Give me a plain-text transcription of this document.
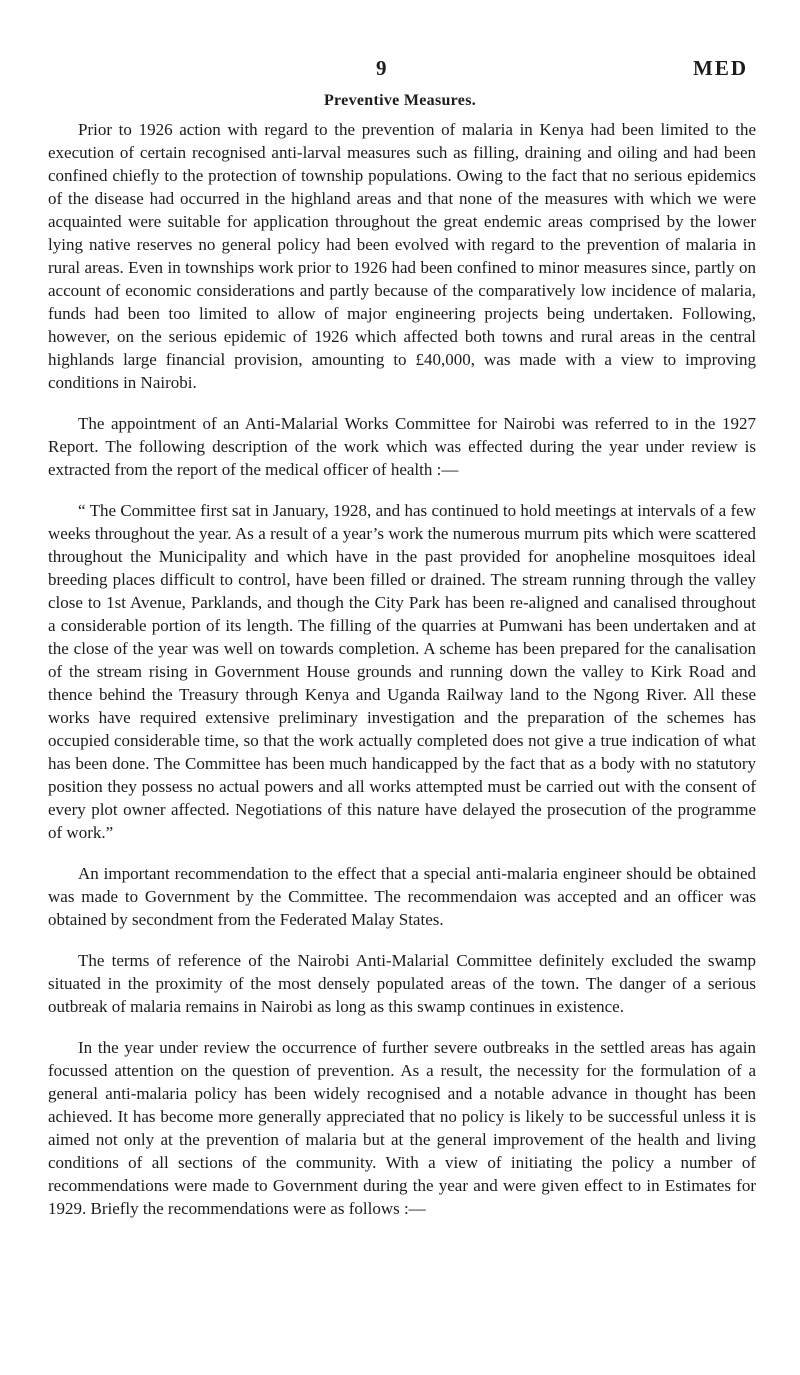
9	MED
Preventive Measures.

Prior to 1926 action with regard to the prevention of malaria in Kenya had been limited to the execution of certain recognised anti-larval measures such as filling, draining and oiling and had been confined chiefly to the protection of township populations. Owing to the fact that no serious epidemics of the disease had occurred in the highland areas and that none of the measures with which we were acquainted were suitable for application throughout the great endemic areas comprised by the lower lying native reserves no general policy had been evolved with regard to the prevention of malaria in rural areas. Even in townships work prior to 1926 had been confined to minor measures since, partly on account of economic considerations and partly because of the comparatively low incidence of malaria, funds had been too limited to allow of major engineering projects being undertaken. Following, however, on the serious epidemic of 1926 which affected both towns and rural areas in the central highlands large financial provision, amounting to £40,000, was made with a view to improving conditions in Nairobi.

The appointment of an Anti-Malarial Works Committee for Nairobi was referred to in the 1927 Report. The following description of the work which was effected during the year under review is extracted from the report of the medical officer of health :—

“ The Committee first sat in January, 1928, and has continued to hold meetings at intervals of a few weeks throughout the year. As a result of a year’s work the numerous murrum pits which were scattered throughout the Municipality and which have in the past provided for anopheline mosquitoes ideal breeding places difficult to control, have been filled or drained. The stream running through the valley close to 1st Avenue, Parklands, and though the City Park has been re-aligned and canalised throughout a considerable portion of its length. The filling of the quarries at Pumwani has been undertaken and at the close of the year was well on towards completion. A scheme has been prepared for the canalisation of the stream rising in Government House grounds and running down the valley to Kirk Road and thence behind the Treasury through Kenya and Uganda Railway land to the Ngong River. All these works have required extensive preliminary investigation and the preparation of the schemes has occupied considerable time, so that the work actually completed does not give a true indication of what has been done. The Committee has been much handicapped by the fact that as a body with no statutory position they possess no actual powers and all works attempted must be carried out with the consent of every plot owner affected. Negotiations of this nature have delayed the prosecution of the programme of work.”

An important recommendation to the effect that a special anti-malaria engineer should be obtained was made to Government by the Committee. The recommendaion was accepted and an officer was obtained by secondment from the Federated Malay States.

The terms of reference of the Nairobi Anti-Malarial Committee definitely excluded the swamp situated in the proximity of the most densely populated areas of the town. The danger of a serious outbreak of malaria remains in Nairobi as long as this swamp continues in existence.

In the year under review the occurrence of further severe outbreaks in the settled areas has again focussed attention on the question of prevention. As a result, the necessity for the formulation of a general anti-malaria policy has been widely recognised and a notable advance in thought has been achieved. It has become more generally appreciated that no policy is likely to be successful unless it is aimed not only at the prevention of malaria but at the general improvement of the health and living conditions of all sections of the community. With a view of initiating the policy a number of recommendations were made to Government during the year and were given effect to in Estimates for 1929. Briefly the recommendations were as follows :—
